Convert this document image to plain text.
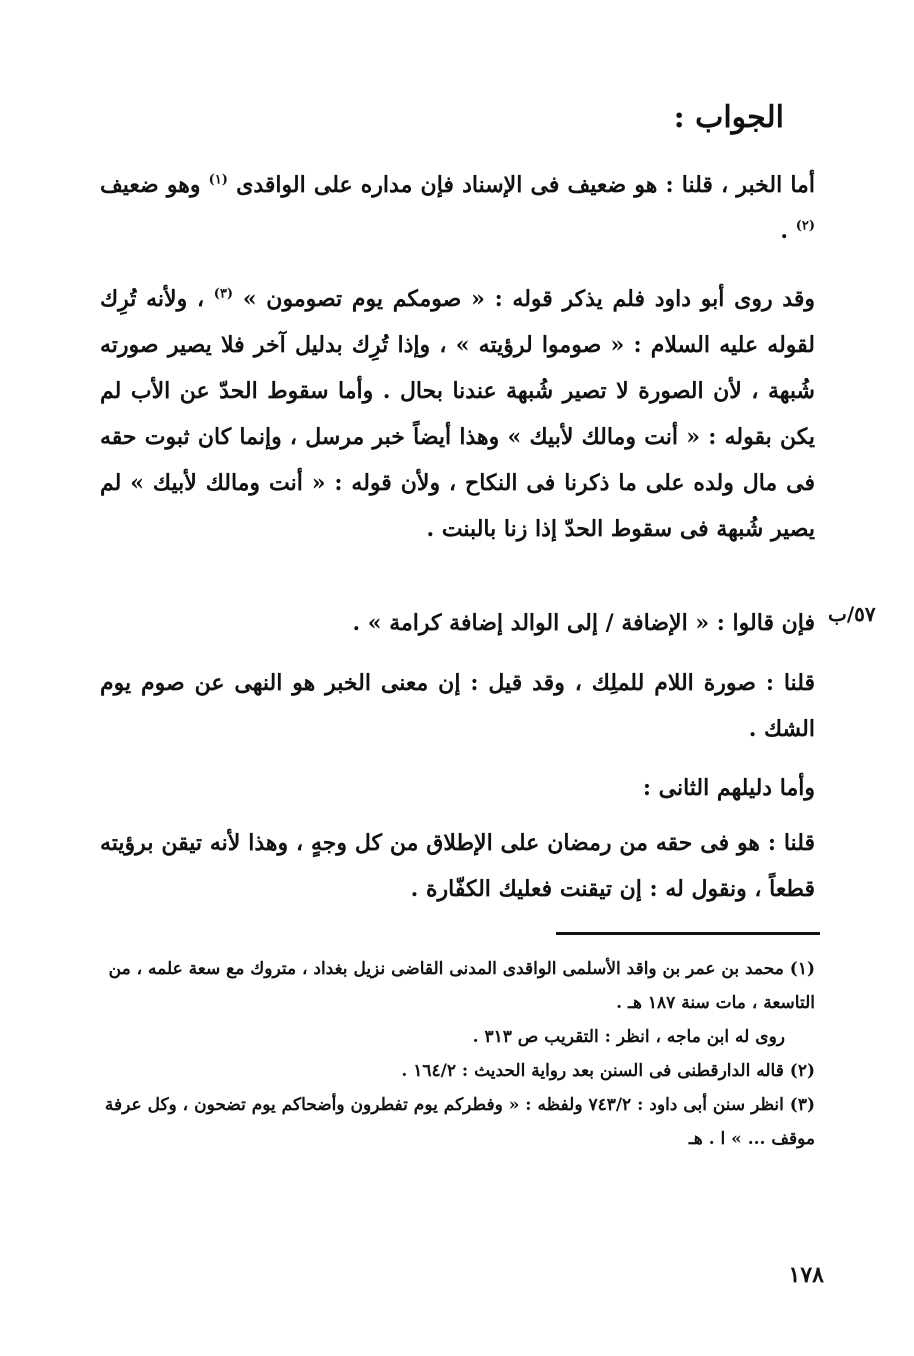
الجواب :

أما الخبر ، قلنا : هو ضعيف فى الإسناد فإن مداره على الواقدى $^{(١)}$ وهو ضعيف $^{(٢)}$ .

وقد روى أبو داود فلم يذكر قوله : « صومكم يوم تصومون » $^{(٣)}$ ، ولأنه تُرِك لقوله عليه السلام : « صوموا لرؤيته » ، وإذا تُرِك بدليل آخر فلا يصير صورته شُبهة ، لأن الصورة لا تصير شُبهة عندنا بحال . وأما سقوط الحدّ عن الأب لم يكن بقوله : « أنت ومالك لأبيك » وهذا أيضاً خبر مرسل ، وإنما كان ثبوت حقه فى مال ولده على ما ذكرنا فى النكاح ، ولأن قوله : « أنت ومالك لأبيك » لم يصير شُبهة فى سقوط الحدّ إذا زنا بالبنت .

٥٧/ب

فإن قالوا : « الإضافة / إلى الوالد إضافة كرامة » .

قلنا : صورة اللام للملِك ، وقد قيل : إن معنى الخبر هو النهى عن صوم يوم الشك .

وأما دليلهم الثانى :

قلنا : هو فى حقه من رمضان على الإطلاق من كل وجهٍ ، وهذا لأنه تيقن برؤيته قطعاً ، ونقول له : إن تيقنت فعليك الكفّارة .

(١) محمد بن عمر بن واقد الأسلمى الواقدى المدنى القاضى نزيل بغداد ، متروك مع سعة علمه ، من التاسعة ، مات سنة ١٨٧ هـ .

روى له ابن ماجه ، انظر : التقريب ص ٣١٣ .

(٢) قاله الدارقطنى فى السنن بعد رواية الحديث : ١٦٤/٢ .

(٣) انظر سنن أبى داود : ٧٤٣/٢ ولفظه : « وفطركم يوم تفطرون وأضحاكم يوم تضحون ، وكل عرفة موقف ... » ا . هـ

١٧٨
